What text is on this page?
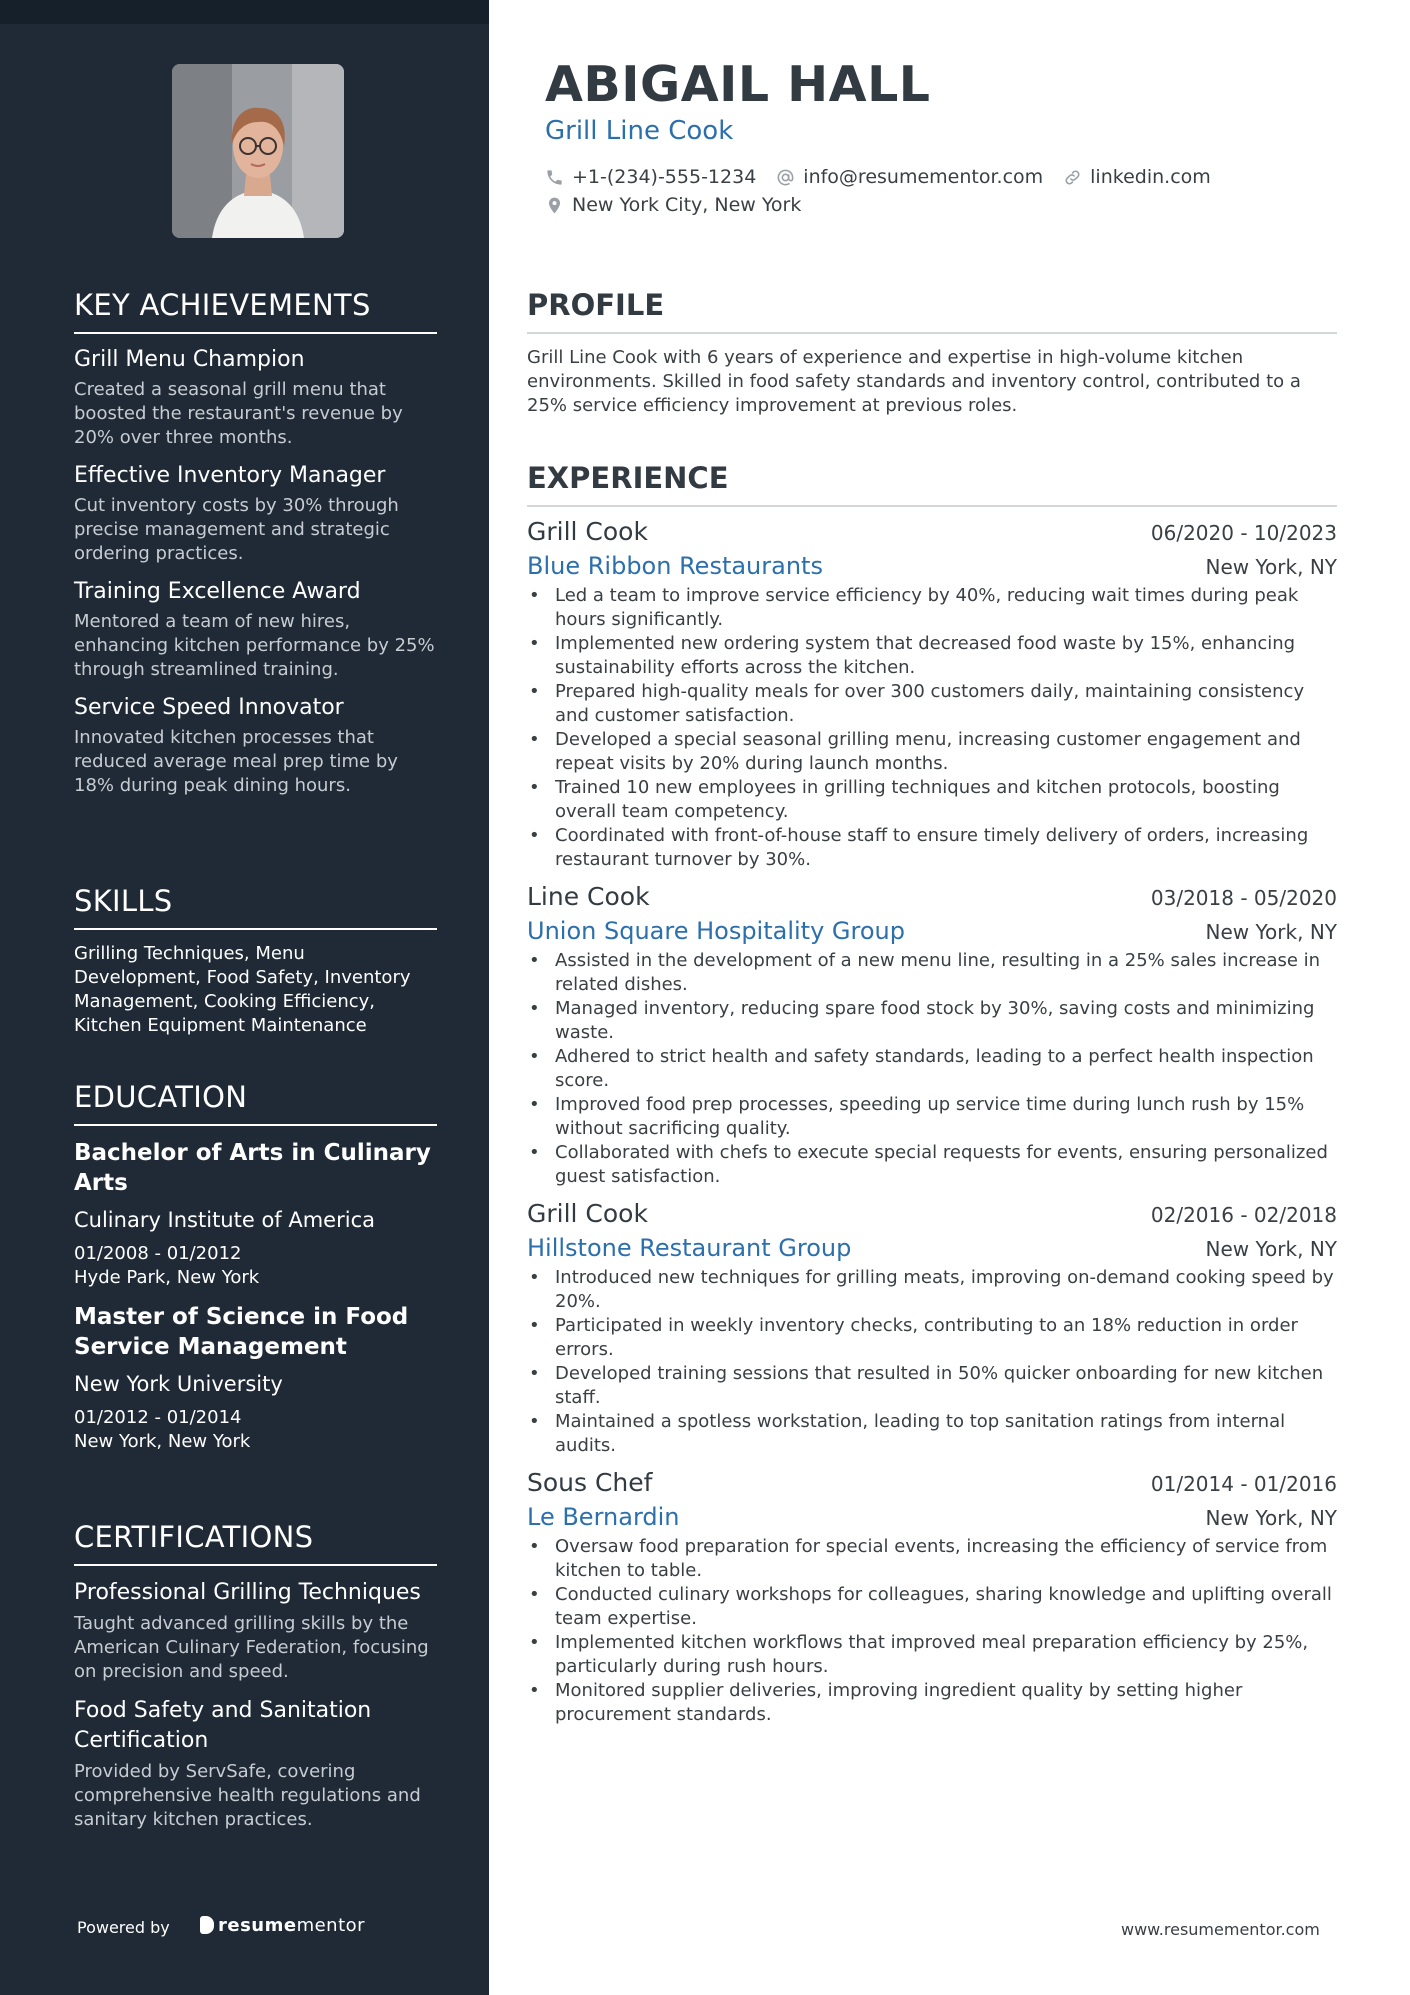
KEY ACHIEVEMENTS
Grill Menu Champion
Created a seasonal grill menu that boosted the restaurant's revenue by 20% over three months.
Effective Inventory Manager
Cut inventory costs by 30% through precise management and strategic ordering practices.
Training Excellence Award
Mentored a team of new hires, enhancing kitchen performance by 25% through streamlined training.
Service Speed Innovator
Innovated kitchen processes that reduced average meal prep time by 18% during peak dining hours.
SKILLS
Grilling Techniques, Menu Development, Food Safety, Inventory Management, Cooking Efficiency, Kitchen Equipment Maintenance
EDUCATION
Bachelor of Arts in Culinary Arts
Culinary Institute of America
01/2008 - 01/2012
Hyde Park, New York
Master of Science in Food Service Management
New York University
01/2012 - 01/2014
New York, New York
CERTIFICATIONS
Professional Grilling Techniques
Taught advanced grilling skills by the American Culinary Federation, focusing on precision and speed.
Food Safety and Sanitation Certification
Provided by ServSafe, covering comprehensive health regulations and sanitary kitchen practices.
Powered by	resumementor
ABIGAIL HALL
Grill Line Cook
+1-(234)-555-1234 info@resumementor.com linkedin.com
New York City, New York
PROFILE

Grill Line Cook with 6 years of experience and expertise in high-volume kitchen environments. Skilled in food safety standards and inventory control, contributed to a 25% service efficiency improvement at previous roles.

EXPERIENCE
Grill Cook	06/2020 - 10/2023
Blue Ribbon Restaurants	New York, NY
• Led a team to improve service efficiency by 40%, reducing wait times during peak hours significantly.
• Implemented new ordering system that decreased food waste by 15%, enhancing sustainability efforts across the kitchen.
• Prepared high-quality meals for over 300 customers daily, maintaining consistency and customer satisfaction.
• Developed a special seasonal grilling menu, increasing customer engagement and repeat visits by 20% during launch months.
• Trained 10 new employees in grilling techniques and kitchen protocols, boosting overall team competency.
• Coordinated with front-of-house staff to ensure timely delivery of orders, increasing restaurant turnover by 30%.
Line Cook	03/2018 - 05/2020
Union Square Hospitality Group	New York, NY
• Assisted in the development of a new menu line, resulting in a 25% sales increase in related dishes.
• Managed inventory, reducing spare food stock by 30%, saving costs and minimizing waste.
• Adhered to strict health and safety standards, leading to a perfect health inspection score.
• Improved food prep processes, speeding up service time during lunch rush by 15% without sacrificing quality.
• Collaborated with chefs to execute special requests for events, ensuring personalized guest satisfaction.
Grill Cook	02/2016 - 02/2018
Hillstone Restaurant Group	New York, NY
• Introduced new techniques for grilling meats, improving on-demand cooking speed by 20%.
• Participated in weekly inventory checks, contributing to an 18% reduction in order errors.
• Developed training sessions that resulted in 50% quicker onboarding for new kitchen staff.
• Maintained a spotless workstation, leading to top sanitation ratings from internal audits.
Sous Chef	01/2014 - 01/2016
Le Bernardin	New York, NY
• Oversaw food preparation for special events, increasing the efficiency of service from kitchen to table.
• Conducted culinary workshops for colleagues, sharing knowledge and uplifting overall team expertise.
• Implemented kitchen workflows that improved meal preparation efficiency by 25%, particularly during rush hours.
• Monitored supplier deliveries, improving ingredient quality by setting higher procurement standards.
www.resumementor.com
